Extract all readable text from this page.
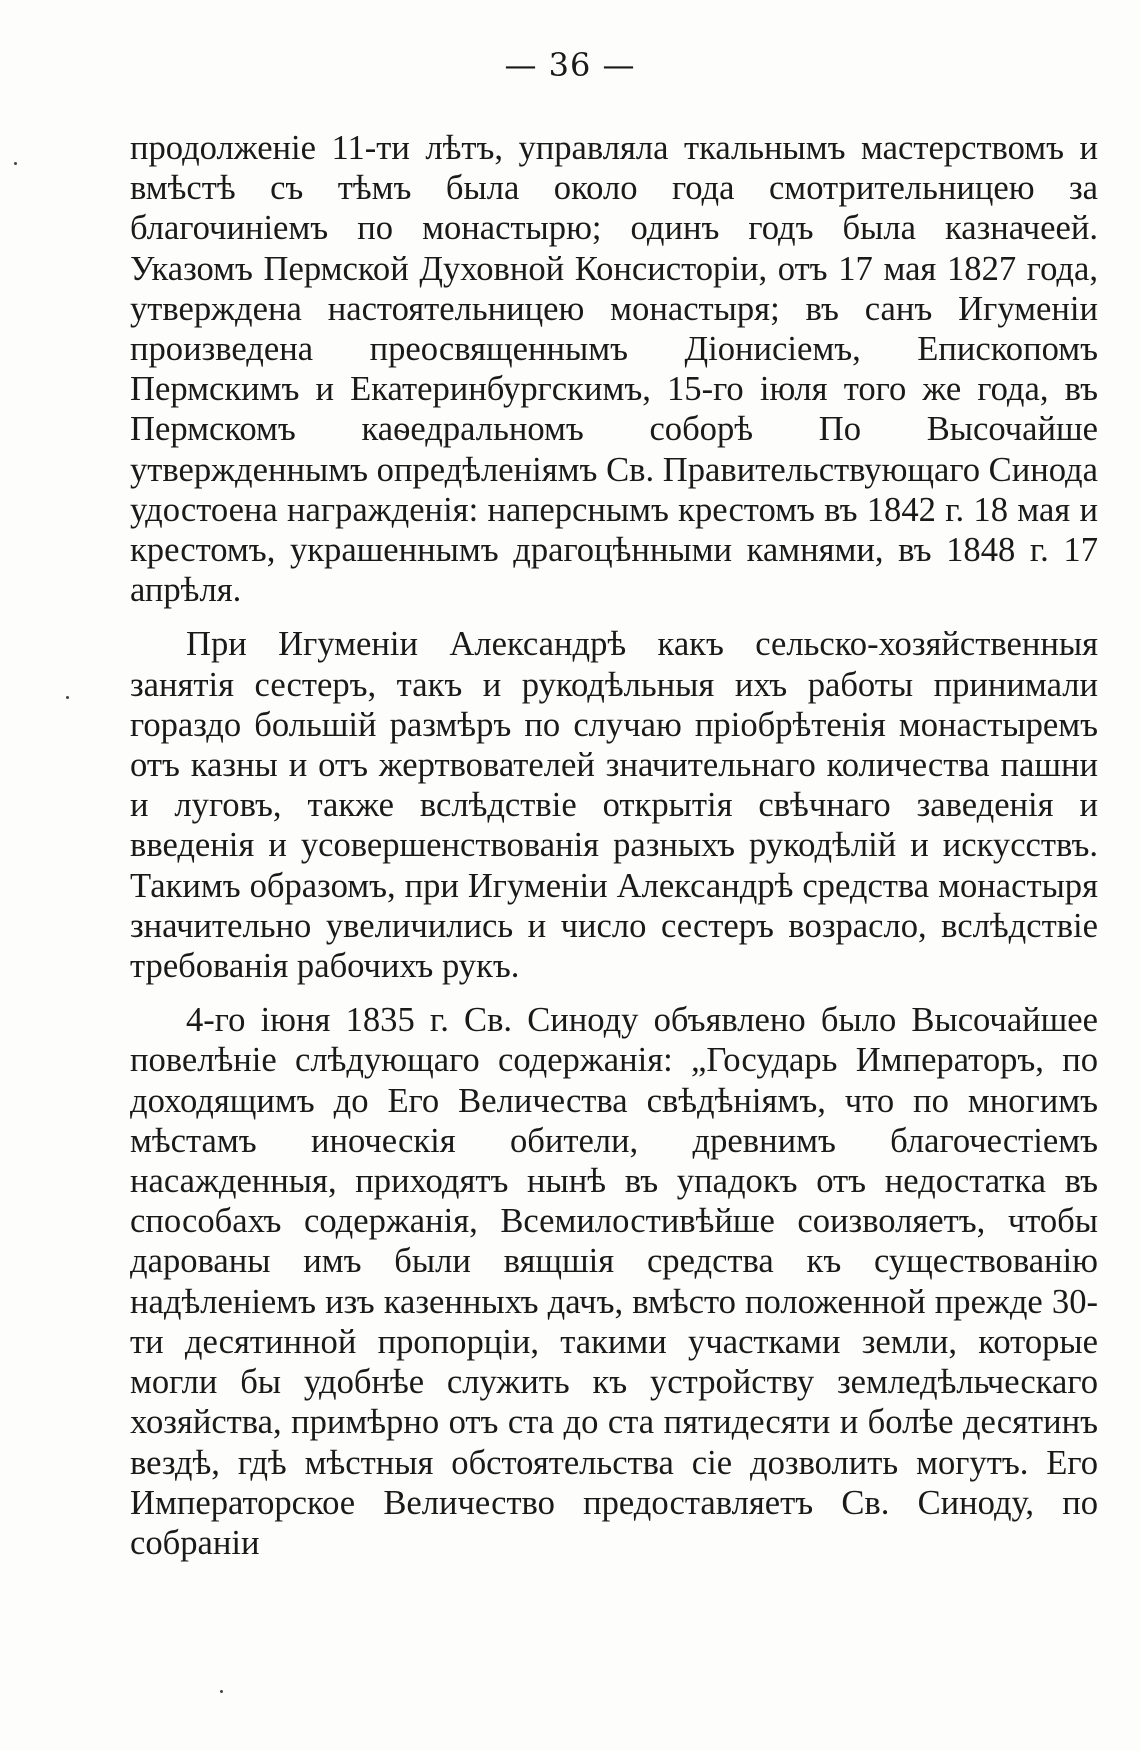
— 36 —

продолженіе 11-ти лѣтъ, управляла ткальнымъ мастерствомъ и вмѣстѣ съ тѣмъ была около года смотрительницею за благочиніемъ по монастырю; одинъ годъ была казначеей. Указомъ Пермской Духовной Консисторіи, отъ 17 мая 1827 года, утверждена настоятельницею монастыря; въ санъ Игуменіи произведена преосвященнымъ Діонисіемъ, Епископомъ Пермскимъ и Екатеринбургскимъ, 15-го іюля того же года, въ Пермскомъ каѳедральномъ соборѣ По Высочайше утвержденнымъ опредѣленіямъ Св. Правительствующаго Синода удостоена награжденія: наперснымъ крестомъ въ 1842 г. 18 мая и крестомъ, украшеннымъ драгоцѣнными камнями, въ 1848 г. 17 апрѣля.

При Игуменіи Александрѣ какъ сельско-хозяйственныя занятія сестеръ, такъ и рукодѣльныя ихъ работы принимали гораздо большій размѣръ по случаю пріобрѣтенія монастыремъ отъ казны и отъ жертвователей значительнаго количества пашни и луговъ, также вслѣдствіе открытія свѣчнаго заведенія и введенія и усовершенствованія разныхъ рукодѣлій и искусствъ. Такимъ образомъ, при Игуменіи Александрѣ средства монастыря значительно увеличились и число сестеръ возрасло, вслѣдствіе требованія рабочихъ рукъ.

4-го іюня 1835 г. Св. Синоду объявлено было Высочайшее повелѣніе слѣдующаго содержанія: „Государь Императоръ, по доходящимъ до Его Величества свѣдѣніямъ, что по многимъ мѣстамъ иноческія обители, древнимъ благочестіемъ насажденныя, приходятъ нынѣ въ упадокъ отъ недостатка въ способахъ содержанія, Всемилостивѣйше соизволяетъ, чтобы дарованы имъ были вящшія средства къ существованію надѣленіемъ изъ казенныхъ дачъ, вмѣсто положенной прежде 30-ти десятинной пропорціи, такими участками земли, которые могли бы удобнѣе служить къ устройству земледѣльческаго хозяйства, примѣрно отъ ста до ста пятидесяти и болѣе десятинъ вездѣ, гдѣ мѣстныя обстоятельства сіе дозволить могутъ. Его Императорское Величество предоставляетъ Св. Синоду, по собраніи
